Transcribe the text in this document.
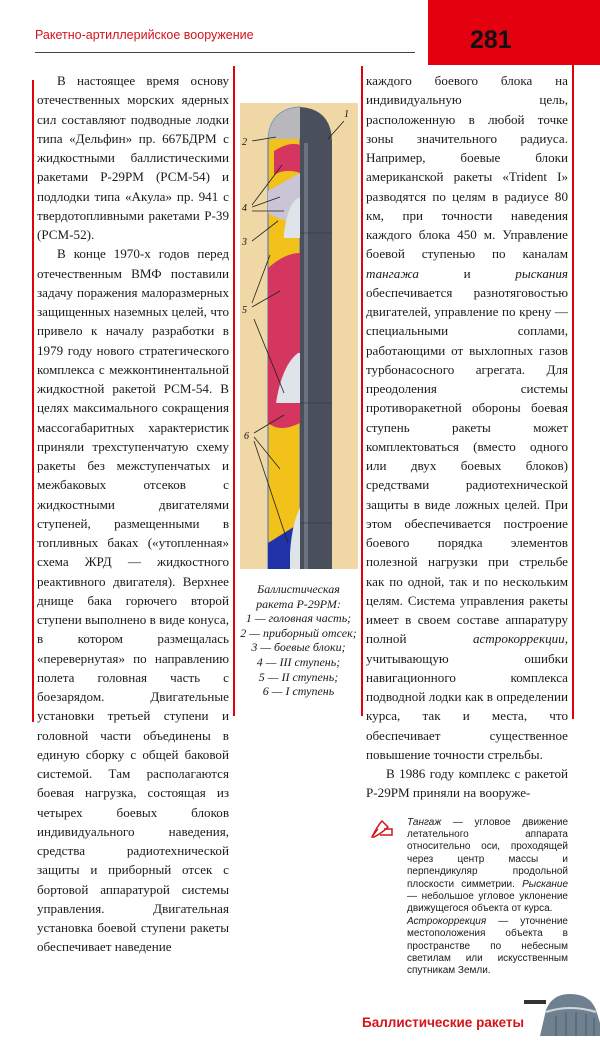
Ракетно-артиллерийское вооружение	281

В настоящее время основу отечественных морских ядерных сил составляют подводные лодки типа «Дельфин» пр. 667БДРМ с жидкостными баллистическими ракетами Р-29РМ (РСМ-54) и подлодки типа «Акула» пр. 941 с твердотопливными ракетами Р-39 (РСМ-52).

В конце 1970-х годов перед отечественным ВМФ поставили задачу поражения малоразмерных защищенных наземных целей, что привело к началу разработки в 1979 году нового стратегического комплекса с межконтинентальной жидкостной ракетой РСМ-54. В целях максимального сокращения массогабаритных характеристик приняли трехступенчатую схему ракеты без межступенчатых и межбаковых отсеков с жидкостными двигателями ступеней, размещенными в топливных баках («утопленная» схема ЖРД — жидкостного реактивного двигателя). Верхнее днище бака горючего второй ступени выполнено в виде конуса, в котором размещалась «перевернутая» по направлению полета головная часть с боезарядом. Двигательные установки третьей ступени и головной части объединены в единую сборку с общей баковой системой. Там располагаются боевая нагрузка, состоящая из четырех боевых блоков индивидуального наведения, средства радиотехнической защиты и приборный отсек с бортовой аппаратурой системы управления. Двигательная установка боевой ступени ракеты обеспечивает наведение

1
2
3
4
5
6
Баллистическая
ракета Р-29РМ:
1 — головная часть;
2 — приборный отсек;
3 — боевые блоки;
4 — III ступень;
5 — II ступень;
6 — I ступень

каждого боевого блока на индивидуальную цель, расположенную в любой точке зоны значительного радиуса. Например, боевые блоки американской ракеты «Trident I» разводятся по целям в радиусе 80 км, при точности наведения каждого блока 450 м. Управление боевой ступенью по каналам тангажа и рыскания обеспечивается разнотяговостью двигателей, управление по крену — специальными соплами, работающими от выхлопных газов турбонасосного агрегата. Для преодоления системы противоракетной обороны боевая ступень ракеты может комплектоваться (вместо одного или двух боевых блоков) средствами радиотехнической защиты в виде ложных целей. При этом обеспечивается построение боевого порядка элементов полезной нагрузки при стрельбе как по одной, так и по нескольким целям. Система управления ракеты имеет в своем составе аппаратуру полной астрокоррекции, учитывающую ошибки навигационного комплекса подводной лодки как в определении курса, так и места, что обеспечивает существенное повышение точности стрельбы.

В 1986 году комплекс с ракетой Р-29РМ приняли на вооруже-

Тангаж — угловое движение летательного аппарата относительно оси, проходящей через центр массы и перпендикуляр продольной плоскости симметрии. Рыскание — небольшое угловое уклонение движущегося объекта от курса.
Астрокоррекция — уточнение местоположения объекта в пространстве по небесным светилам или искусственным спутникам Земли.
Баллистические ракеты
